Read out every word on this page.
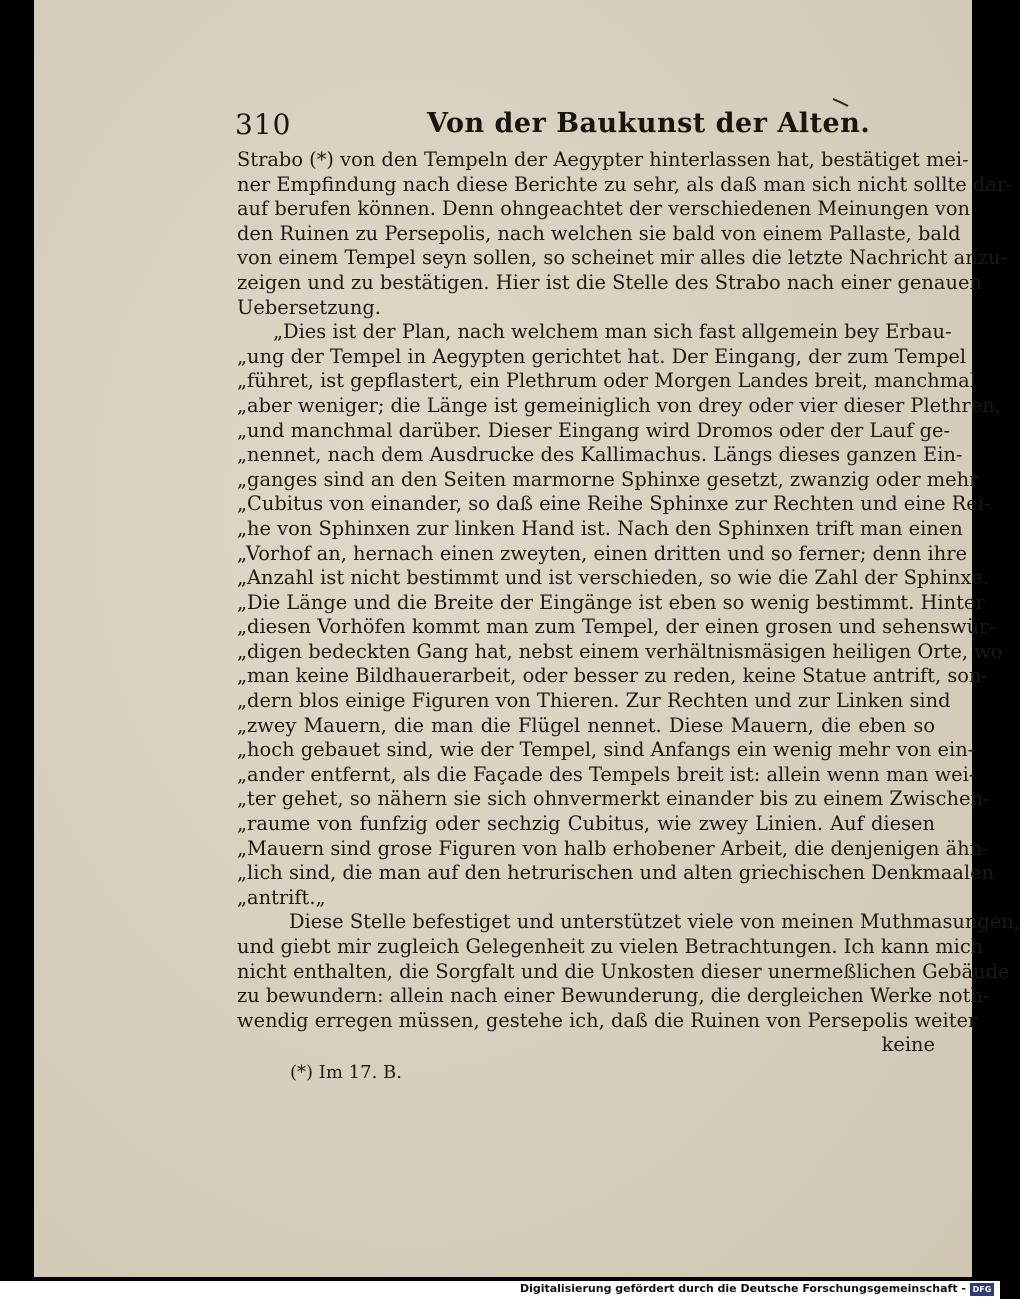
310	Von der Baukunst der Alten.
Strabo (*) von den Tempeln der Aegypter hinterlassen hat, bestätiget mei-
ner Empfindung nach diese Berichte zu sehr, als daß man sich nicht sollte dar-
auf berufen können. Denn ohngeachtet der verschiedenen Meinungen von
den Ruinen zu Persepolis, nach welchen sie bald von einem Pallaste, bald
von einem Tempel seyn sollen, so scheinet mir alles die letzte Nachricht anzu-
zeigen und zu bestätigen. Hier ist die Stelle des Strabo nach einer genauen
Uebersetzung.
„Dies ist der Plan, nach welchem man sich fast allgemein bey Erbau-
„ung der Tempel in Aegypten gerichtet hat. Der Eingang, der zum Tempel
„führet, ist gepflastert, ein Plethrum oder Morgen Landes breit, manchmal
„aber weniger; die Länge ist gemeiniglich von drey oder vier dieser Plethren,
„und manchmal darüber. Dieser Eingang wird Dromos oder der Lauf ge-
„nennet, nach dem Ausdrucke des Kallimachus. Längs dieses ganzen Ein-
„ganges sind an den Seiten marmorne Sphinxe gesetzt, zwanzig oder mehr
„Cubitus von einander, so daß eine Reihe Sphinxe zur Rechten und eine Rei-
„he von Sphinxen zur linken Hand ist. Nach den Sphinxen trift man einen
„Vorhof an, hernach einen zweyten, einen dritten und so ferner; denn ihre
„Anzahl ist nicht bestimmt und ist verschieden, so wie die Zahl der Sphinxe.
„Die Länge und die Breite der Eingänge ist eben so wenig bestimmt. Hinter
„diesen Vorhöfen kommt man zum Tempel, der einen grosen und sehenswür-
„digen bedeckten Gang hat, nebst einem verhältnismäsigen heiligen Orte, wo
„man keine Bildhauerarbeit, oder besser zu reden, keine Statue antrift, son-
„dern blos einige Figuren von Thieren. Zur Rechten und zur Linken sind
„zwey Mauern, die man die Flügel nennet. Diese Mauern, die eben so
„hoch gebauet sind, wie der Tempel, sind Anfangs ein wenig mehr von ein-
„ander entfernt, als die Façade des Tempels breit ist: allein wenn man wei-
„ter gehet, so nähern sie sich ohnvermerkt einander bis zu einem Zwischen-
„raume von funfzig oder sechzig Cubitus, wie zwey Linien. Auf diesen
„Mauern sind grose Figuren von halb erhobener Arbeit, die denjenigen ähn-
„lich sind, die man auf den hetrurischen und alten griechischen Denkmaalen
„antrift.„
Diese Stelle befestiget und unterstützet viele von meinen Muthmasungen,
und giebt mir zugleich Gelegenheit zu vielen Betrachtungen. Ich kann mich
nicht enthalten, die Sorgfalt und die Unkosten dieser unermeßlichen Gebäude
zu bewundern: allein nach einer Bewunderung, die dergleichen Werke noth-
wendig erregen müssen, gestehe ich, daß die Ruinen von Persepolis weiter
keine
(*) Im 17. B.
Digitalisierung gefördert durch die Deutsche Forschungsgemeinschaft - DFG
